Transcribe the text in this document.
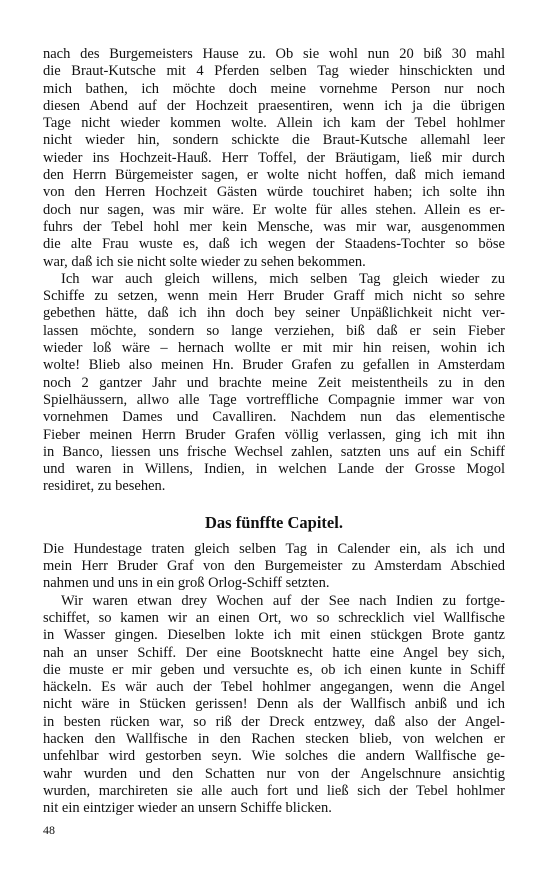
nach des Burgemeisters Hause zu. Ob sie wohl nun 20 biß 30 mahl
die Braut-Kutsche mit 4 Pferden selben Tag wieder hinschickten und
mich bathen, ich möchte doch meine vornehme Person nur noch
diesen Abend auf der Hochzeit praesentiren, wenn ich ja die übrigen
Tage nicht wieder kommen wolte. Allein ich kam der Tebel hohlmer
nicht wieder hin, sondern schickte die Braut-Kutsche allemahl leer
wieder ins Hochzeit-Hauß. Herr Toffel, der Bräutigam, ließ mir durch
den Herrn Bürgemeister sagen, er wolte nicht hoffen, daß mich iemand
von den Herren Hochzeit Gästen würde touchiret haben; ich solte ihn
doch nur sagen, was mir wäre. Er wolte für alles stehen. Allein es er-
fuhrs der Tebel hohl mer kein Mensche, was mir war, ausgenommen
die alte Frau wuste es, daß ich wegen der Staadens-Tochter so böse
war, daß ich sie nicht solte wieder zu sehen bekommen.
Ich war auch gleich willens, mich selben Tag gleich wieder zu
Schiffe zu setzen, wenn mein Herr Bruder Graff mich nicht so sehre
gebethen hätte, daß ich ihn doch bey seiner Unpäßlichkeit nicht ver-
lassen möchte, sondern so lange verziehen, biß daß er sein Fieber
wieder loß wäre – hernach wollte er mit mir hin reisen, wohin ich
wolte! Blieb also meinen Hn. Bruder Grafen zu gefallen in Amsterdam
noch 2 gantzer Jahr und brachte meine Zeit meistentheils zu in den
Spielhäussern, allwo alle Tage vortreffliche Compagnie immer war von
vornehmen Dames und Cavalliren. Nachdem nun das elementische
Fieber meinen Herrn Bruder Grafen völlig verlassen, ging ich mit ihn
in Banco, liessen uns frische Wechsel zahlen, satzten uns auf ein Schiff
und waren in Willens, Indien, in welchen Lande der Grosse Mogol
residiret, zu besehen.
Das fünffte Capitel.
Die Hundestage traten gleich selben Tag in Calender ein, als ich und
mein Herr Bruder Graf von den Burgemeister zu Amsterdam Abschied
nahmen und uns in ein groß Orlog-Schiff setzten.
Wir waren etwan drey Wochen auf der See nach Indien zu fortge-
schiffet, so kamen wir an einen Ort, wo so schrecklich viel Wallfische
in Wasser gingen. Dieselben lokte ich mit einen stückgen Brote gantz
nah an unser Schiff. Der eine Bootsknecht hatte eine Angel bey sich,
die muste er mir geben und versuchte es, ob ich einen kunte in Schiff
häckeln. Es wär auch der Tebel hohlmer angegangen, wenn die Angel
nicht wäre in Stücken gerissen! Denn als der Wallfisch anbiß und ich
in besten rücken war, so riß der Dreck entzwey, daß also der Angel-
hacken den Wallfische in den Rachen stecken blieb, von welchen er
unfehlbar wird gestorben seyn. Wie solches die andern Wallfische ge-
wahr wurden und den Schatten nur von der Angelschnure ansichtig
wurden, marchireten sie alle auch fort und ließ sich der Tebel hohlmer
nit ein eintziger wieder an unsern Schiffe blicken.
48
